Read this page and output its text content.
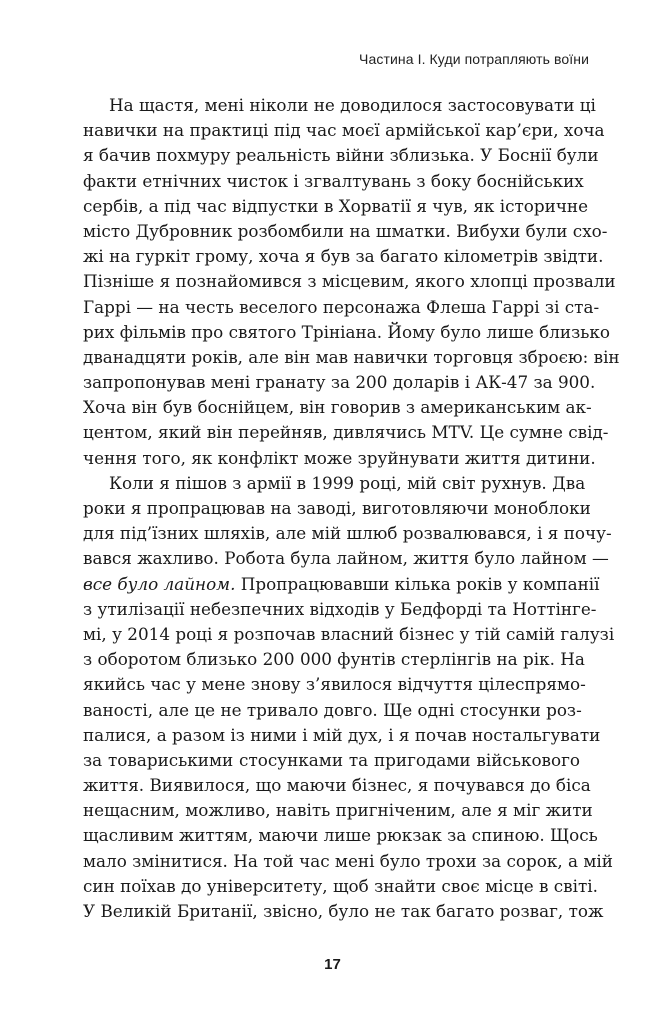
Частина I. Куди потрапляють воїни
На щастя, мені ніколи не доводилося застосовувати ці
навички на практиці під час моєї армійської кар’єри, хоча
я бачив похмуру реальність війни зблизька. У Боснії були
факти етнічних чисток і згвалтувань з боку боснійських
сербів, а під час відпустки в Хорватії я чув, як історичне
місто Дубровник розбомбили на шматки. Вибухи були схо-
жі на гуркіт грому, хоча я був за багато кілометрів звідти.
Пізніше я познайомився з місцевим, якого хлопці прозвали
Гаррі — на честь веселого персонажа Флеша Гаррі зі ста-
рих фільмів про святого Трініана. Йому було лише близько
дванадцяти років, але він мав навички торговця зброєю: він
запропонував мені гранату за 200 доларів і АК-47 за 900.
Хоча він був боснійцем, він говорив з американським ак-
центом, який він перейняв, дивлячись MTV. Це сумне свід-
чення того, як конфлікт може зруйнувати життя дитини.
Коли я пішов з армії в 1999 році, мій світ рухнув. Два
роки я пропрацював на заводі, виготовляючи моноблоки
для під’їзних шляхів, але мій шлюб розвалювався, і я почу-
вався жахливо. Робота була лайном, життя було лайном —
все було лайном. Пропрацювавши кілька років у компанії
з утилізації небезпечних відходів у Бедфорді та Ноттінге-
мі, у 2014 році я розпочав власний бізнес у тій самій галузі
з оборотом близько 200 000 фунтів стерлінгів на рік. На
якийсь час у мене знову з’явилося відчуття цілеспрямо-
ваності, але це не тривало довго. Ще одні стосунки роз-
палися, а разом із ними і мій дух, і я почав ностальгувати
за товариськими стосунками та пригодами військового
життя. Виявилося, що маючи бізнес, я почувався до біса
нещасним, можливо, навіть пригніченим, але я міг жити
щасливим життям, маючи лише рюкзак за спиною. Щось
мало змінитися. На той час мені було трохи за сорок, а мій
син поїхав до університету, щоб знайти своє місце в світі.
У Великій Британії, звісно, було не так багато розваг, тож
17
